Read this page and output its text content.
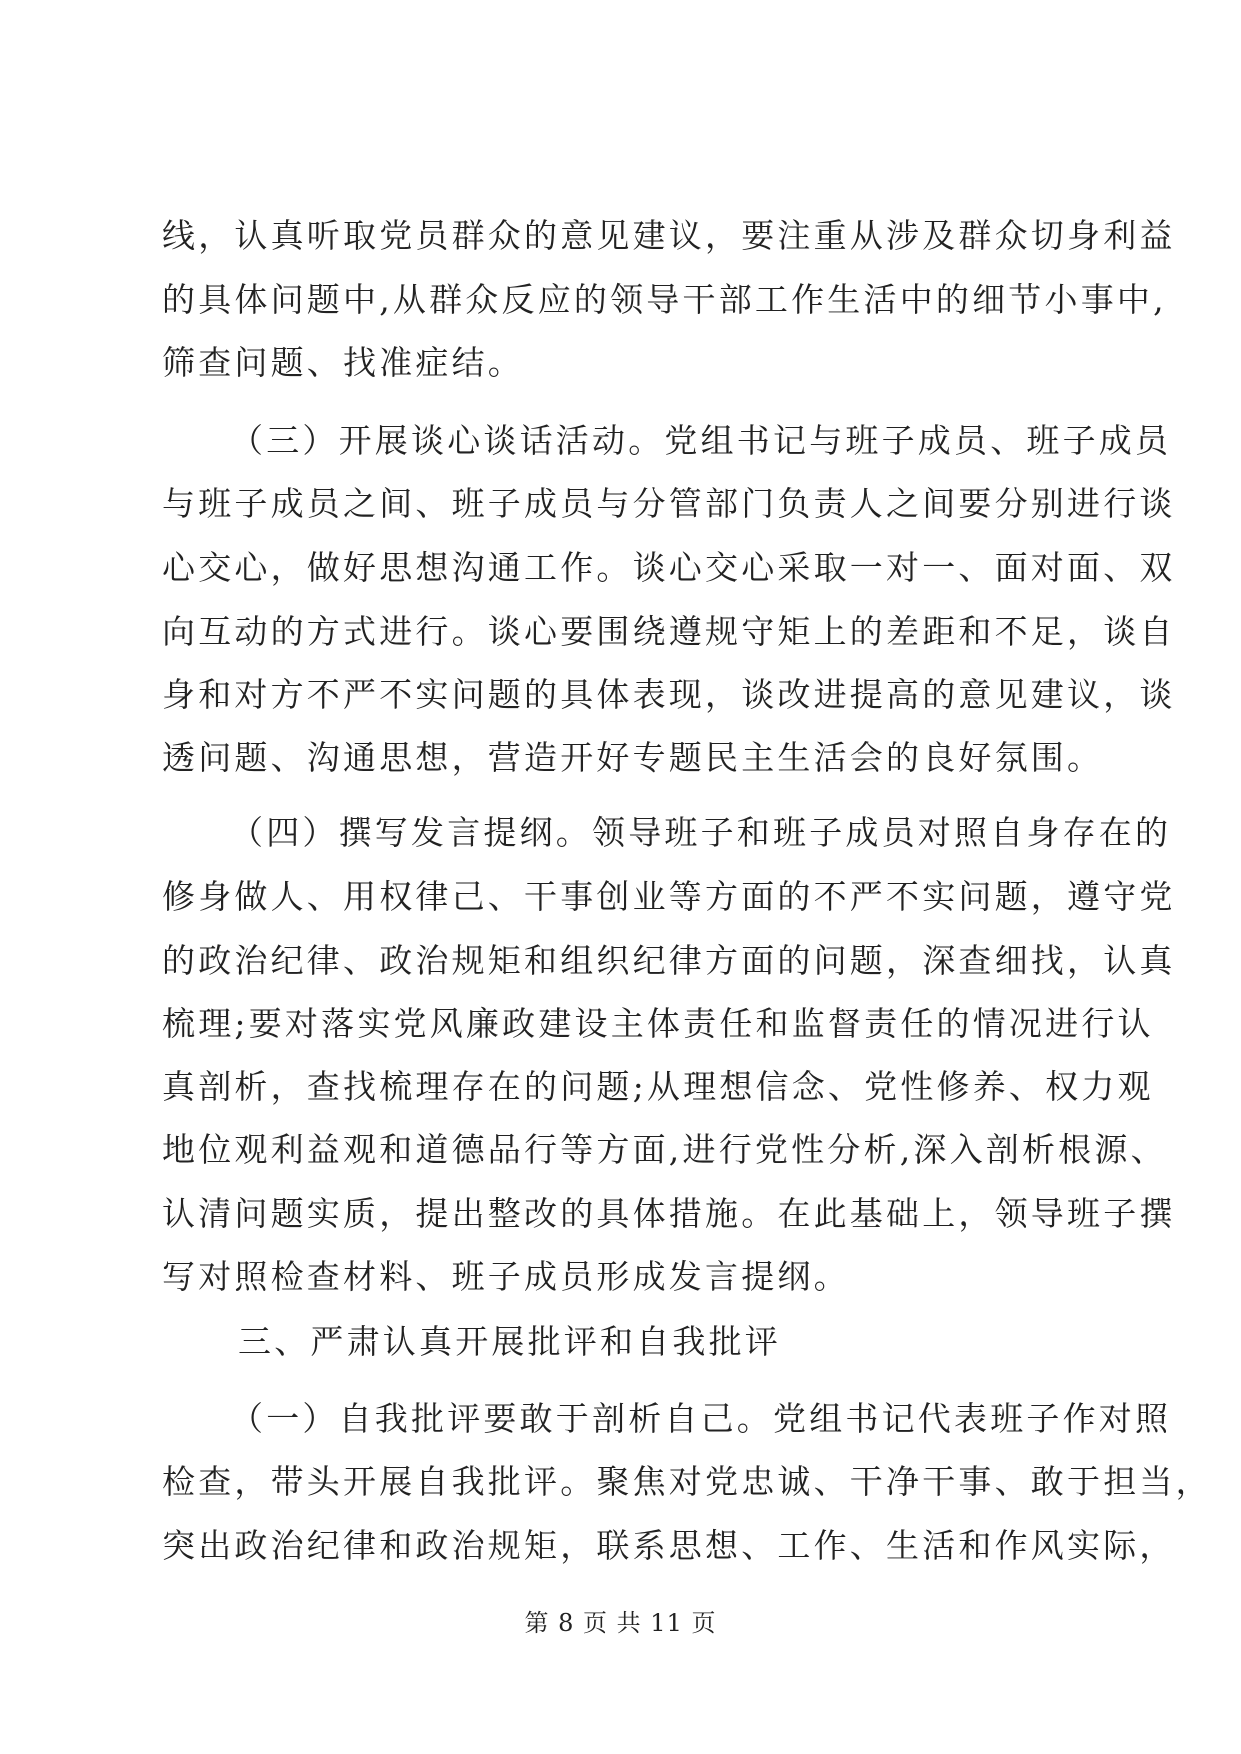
线，认真听取党员群众的意见建议，要注重从涉及群众切身利益
的具体问题中,从群众反应的领导干部工作生活中的细节小事中,
筛查问题、找准症结。
（三）开展谈心谈话活动。党组书记与班子成员、班子成员
与班子成员之间、班子成员与分管部门负责人之间要分别进行谈
心交心，做好思想沟通工作。谈心交心采取一对一、面对面、双
向互动的方式进行。谈心要围绕遵规守矩上的差距和不足，谈自
身和对方不严不实问题的具体表现，谈改进提高的意见建议，谈
透问题、沟通思想，营造开好专题民主生活会的良好氛围。
（四）撰写发言提纲。领导班子和班子成员对照自身存在的
修身做人、用权律己、干事创业等方面的不严不实问题，遵守党
的政治纪律、政治规矩和组织纪律方面的问题，深查细找，认真
梳理;要对落实党风廉政建设主体责任和监督责任的情况进行认
真剖析，查找梳理存在的问题;从理想信念、党性修养、权力观
地位观利益观和道德品行等方面,进行党性分析,深入剖析根源、
认清问题实质，提出整改的具体措施。在此基础上，领导班子撰
写对照检查材料、班子成员形成发言提纲。
三、严肃认真开展批评和自我批评
（一）自我批评要敢于剖析自己。党组书记代表班子作对照
检查，带头开展自我批评。聚焦对党忠诚、干净干事、敢于担当，
突出政治纪律和政治规矩，联系思想、工作、生活和作风实际，
第 8 页 共 11 页
